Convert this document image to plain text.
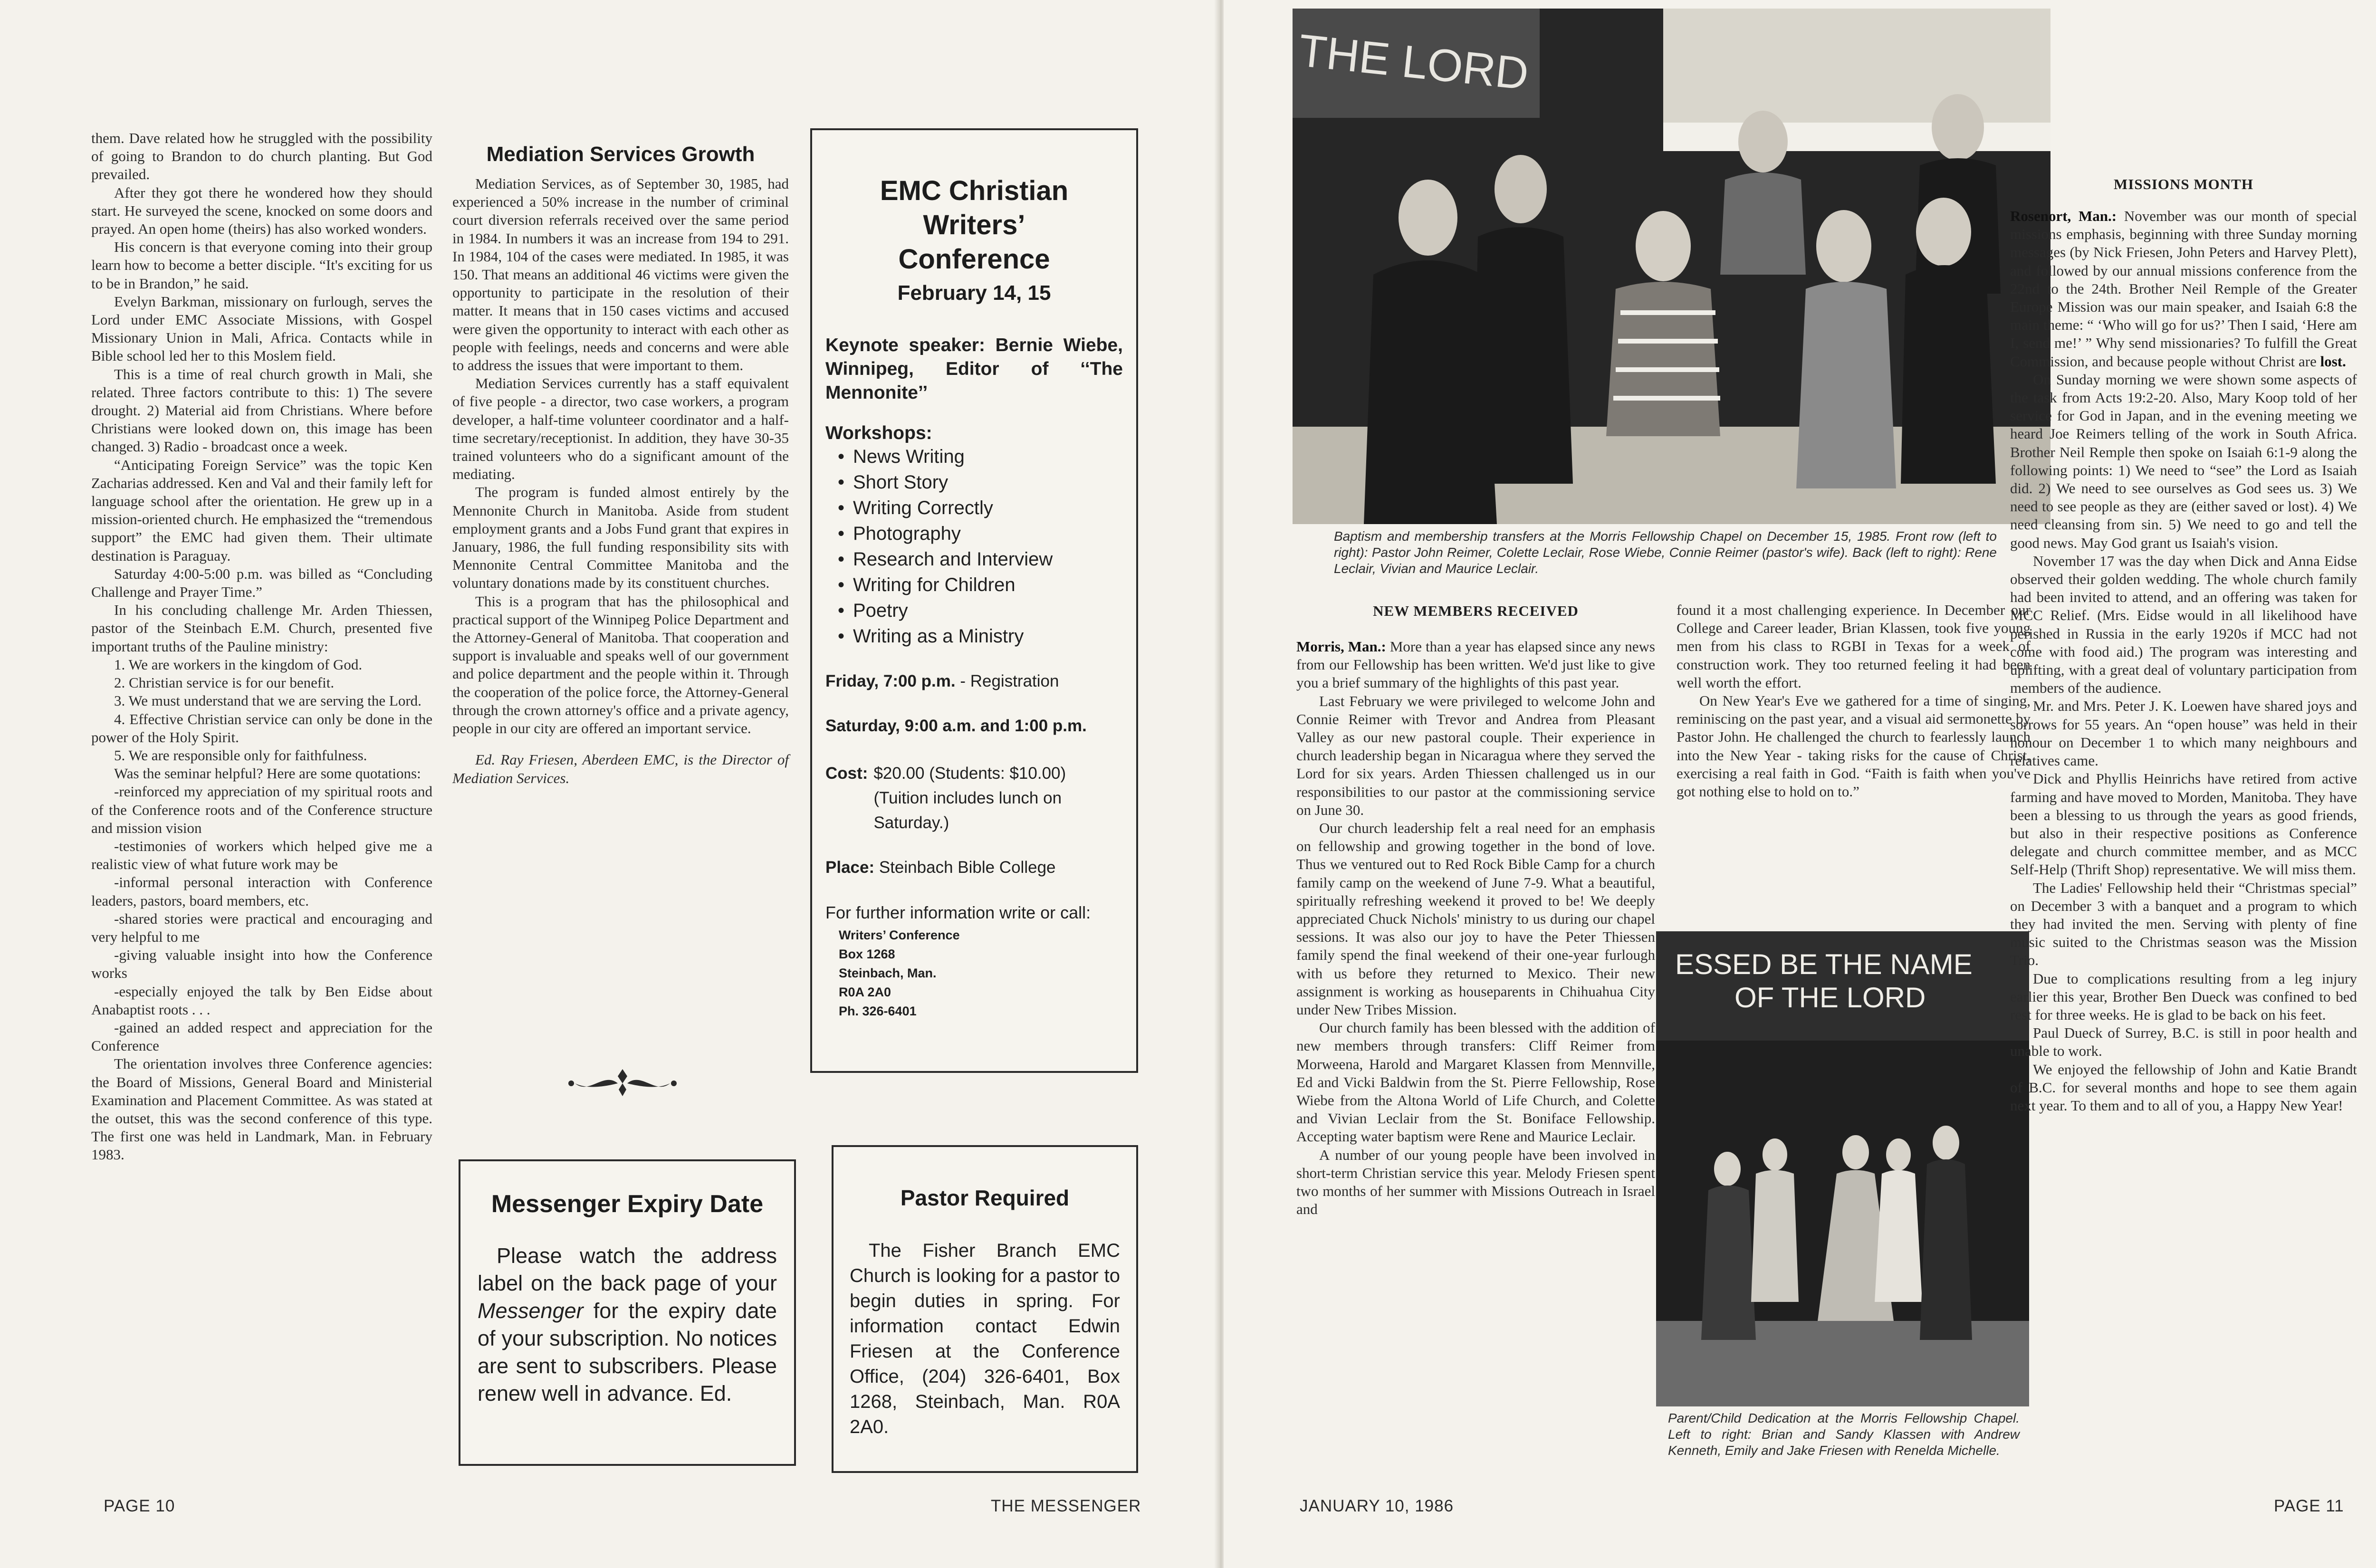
them. Dave related how he struggled with the possibility of going to Brandon to do church planting. But God prevailed.

After they got there he wondered how they should start. He surveyed the scene, knocked on some doors and prayed. An open home (theirs) has also worked wonders.

His concern is that everyone coming into their group learn how to become a better disciple. “It's exciting for us to be in Brandon,” he said.

Evelyn Barkman, missionary on furlough, serves the Lord under EMC Associate Missions, with Gospel Missionary Union in Mali, Africa. Contacts while in Bible school led her to this Moslem field.

This is a time of real church growth in Mali, she related. Three factors contribute to this: 1) The severe drought. 2) Material aid from Christians. Where before Christians were looked down on, this image has been changed. 3) Radio - broadcast once a week.

“Anticipating Foreign Service” was the topic Ken Zacharias addressed. Ken and Val and their family left for language school after the orientation. He grew up in a mission-oriented church. He emphasized the “tremendous support” the EMC had given them. Their ultimate destination is Paraguay.

Saturday 4:00-5:00 p.m. was billed as “Concluding Challenge and Prayer Time.”

In his concluding challenge Mr. Arden Thiessen, pastor of the Steinbach E.M. Church, presented five important truths of the Pauline ministry:

1. We are workers in the kingdom of God.

2. Christian service is for our benefit.

3. We must understand that we are serving the Lord.

4. Effective Christian service can only be done in the power of the Holy Spirit.

5. We are responsible only for faithfulness.

Was the seminar helpful? Here are some quotations:

-reinforced my appreciation of my spiritual roots and of the Conference roots and of the Conference structure and mission vision

-testimonies of workers which helped give me a realistic view of what future work may be

-informal personal interaction with Conference leaders, pastors, board members, etc.

-shared stories were practical and encouraging and very helpful to me

-giving valuable insight into how the Conference works

-especially enjoyed the talk by Ben Eidse about Anabaptist roots . . .

-gained an added respect and appreciation for the Conference

The orientation involves three Conference agencies: the Board of Missions, General Board and Ministerial Examination and Placement Committee. As was stated at the outset, this was the second conference of this type. The first one was held in Landmark, Man. in February 1983.

Mediation Services Growth

Mediation Services, as of September 30, 1985, had experienced a 50% increase in the number of criminal court diversion referrals received over the same period in 1984. In numbers it was an increase from 194 to 291. In 1984, 104 of the cases were mediated. In 1985, it was 150. That means an additional 46 victims were given the opportunity to participate in the resolution of their matter. It means that in 150 cases victims and accused were given the opportunity to interact with each other as people with feelings, needs and concerns and were able to address the issues that were important to them.

Mediation Services currently has a staff equivalent of five people - a director, two case workers, a program developer, a half-time volunteer coordinator and a half-time secretary/receptionist. In addition, they have 30-35 trained volunteers who do a significant amount of the mediating.

The program is funded almost entirely by the Mennonite Church in Manitoba. Aside from student employment grants and a Jobs Fund grant that expires in January, 1986, the full funding responsibility sits with Mennonite Central Committee Manitoba and the voluntary donations made by its constituent churches.

This is a program that has the philosophical and practical support of the Winnipeg Police Department and the Attorney-General of Manitoba. That cooperation and support is invaluable and speaks well of our government and police department and the people within it. Through the cooperation of the police force, the Attorney-General through the crown attorney's office and a private agency, people in our city are offered an important service.

Ed. Ray Friesen, Aberdeen EMC, is the Director of Mediation Services.

EMC Christian Writers’
Conference
February 14, 15
Keynote speaker: Bernie Wiebe, Winnipeg, Editor of ‘‘The Mennonite’’
Workshops:
• News Writing
• Short Story
• Writing Correctly
• Photography
• Research and Interview
• Writing for Children
• Poetry
• Writing as a Ministry
Friday, 7:00 p.m. - Registration
Saturday, 9:00 a.m. and 1:00 p.m.
Cost: $20.00 (Students: $10.00) (Tuition includes lunch on Saturday.)
Place: Steinbach Bible College
For further information write or call:
Writers’ Conference
Box 1268
Steinbach, Man.
R0A 2A0
Ph. 326-6401
Messenger Expiry Date
Please watch the address label on the back page of your Messenger for the expiry date of your subscription. No notices are sent to subscribers. Please renew well in advance. Ed.
Pastor Required
The Fisher Branch EMC Church is looking for a pastor to begin duties in spring. For information contact Edwin Friesen at the Conference Office, (204) 326-6401, Box 1268, Steinbach, Man. R0A 2A0.
PAGE 10	THE MESSENGER
THE LORD
Baptism and membership transfers at the Morris Fellowship Chapel on December 15, 1985. Front row (left to right): Pastor John Reimer, Colette Leclair, Rose Wiebe, Connie Reimer (pastor's wife). Back (left to right): Rene Leclair, Vivian and Maurice Leclair.
NEW MEMBERS RECEIVED

Morris, Man.: More than a year has elapsed since any news from our Fellowship has been written. We'd just like to give you a brief summary of the highlights of this past year.

Last February we were privileged to welcome John and Connie Reimer with Trevor and Andrea from Pleasant Valley as our new pastoral couple. Their experience in church leadership began in Nicaragua where they served the Lord for six years. Arden Thiessen challenged us in our responsibilities to our pastor at the commissioning service on June 30.

Our church leadership felt a real need for an emphasis on fellowship and growing together in the bond of love. Thus we ventured out to Red Rock Bible Camp for a church family camp on the weekend of June 7-9. What a beautiful, spiritually refreshing weekend it proved to be! We deeply appreciated Chuck Nichols' ministry to us during our chapel sessions. It was also our joy to have the Peter Thiessen family spend the final weekend of their one-year furlough with us before they returned to Mexico. Their new assignment is working as houseparents in Chihuahua City under New Tribes Mission.

Our church family has been blessed with the addition of new members through transfers: Cliff Reimer from Morweena, Harold and Margaret Klassen from Mennville, Ed and Vicki Baldwin from the St. Pierre Fellowship, Rose Wiebe from the Altona World of Life Church, and Colette and Vivian Leclair from the St. Boniface Fellowship. Accepting water baptism were Rene and Maurice Leclair.

A number of our young people have been involved in short-term Christian service this year. Melody Friesen spent two months of her summer with Missions Outreach in Israel and

found it a most challenging experience. In December our College and Career leader, Brian Klassen, took five young men from his class to RGBI in Texas for a week of construction work. They too returned feeling it had been well worth the effort.

On New Year's Eve we gathered for a time of singing, reminiscing on the past year, and a visual aid sermonette by Pastor John. He challenged the church to fearlessly launch into the New Year - taking risks for the cause of Christ, exercising a real faith in God. “Faith is faith when you've got nothing else to hold on to.”

ESSED BE THE NAME
OF THE LORD
Parent/Child Dedication at the Morris Fellowship Chapel. Left to right: Brian and Sandy Klassen with Andrew Kenneth, Emily and Jake Friesen with Renelda Michelle.
MISSIONS MONTH

Rosenort, Man.: November was our month of special missions emphasis, beginning with three Sunday morning messages (by Nick Friesen, John Peters and Harvey Plett), and followed by our annual missions conference from the 22nd to the 24th. Brother Neil Remple of the Greater Europe Mission was our main speaker, and Isaiah 6:8 the main theme: “ ‘Who will go for us?’ Then I said, ‘Here am I, send me!’ ” Why send missionaries? To fulfill the Great Commission, and because people without Christ are lost.

On Sunday morning we were shown some aspects of the task from Acts 19:2-20. Also, Mary Koop told of her service for God in Japan, and in the evening meeting we heard Joe Reimers telling of the work in South Africa. Brother Neil Remple then spoke on Isaiah 6:1-9 along the following points: 1) We need to “see” the Lord as Isaiah did. 2) We need to see ourselves as God sees us. 3) We need to see people as they are (either saved or lost). 4) We need cleansing from sin. 5) We need to go and tell the good news. May God grant us Isaiah's vision.

November 17 was the day when Dick and Anna Eidse observed their golden wedding. The whole church family had been invited to attend, and an offering was taken for MCC Relief. (Mrs. Eidse would in all likelihood have perished in Russia in the early 1920s if MCC had not come with food aid.) The program was interesting and uplifting, with a great deal of voluntary participation from members of the audience.

Mr. and Mrs. Peter J. K. Loewen have shared joys and sorrows for 55 years. An “open house” was held in their honour on December 1 to which many neighbours and relatives came.

Dick and Phyllis Heinrichs have retired from active farming and have moved to Morden, Manitoba. They have been a blessing to us through the years as good friends, but also in their respective positions as Conference delegate and church committee member, and as MCC Self-Help (Thrift Shop) representative. We will miss them.

The Ladies' Fellowship held their “Christmas special” on December 3 with a banquet and a program to which they had invited the men. Serving with plenty of fine music suited to the Christmas season was the Mission Trio.

Due to complications resulting from a leg injury earlier this year, Brother Ben Dueck was confined to bed rest for three weeks. He is glad to be back on his feet.

Paul Dueck of Surrey, B.C. is still in poor health and unable to work.

We enjoyed the fellowship of John and Katie Brandt of B.C. for several months and hope to see them again next year. To them and to all of you, a Happy New Year!

JANUARY 10, 1986	PAGE 11
